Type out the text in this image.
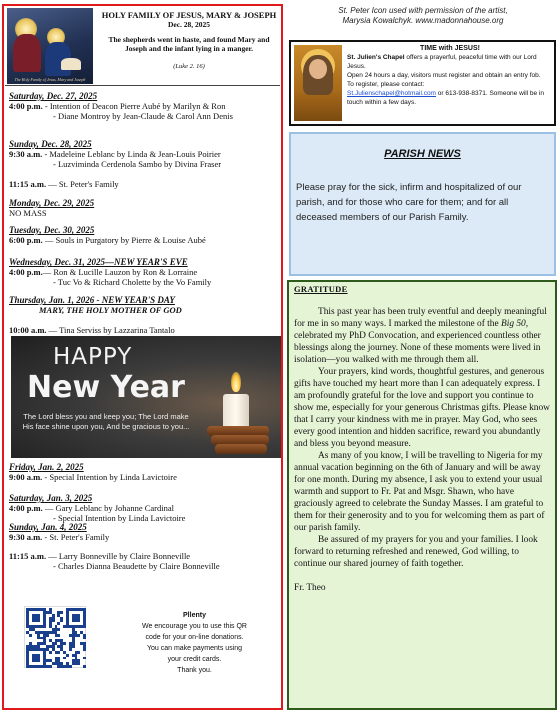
The Holy Family of Jesus, Mary and Joseph
HOLY FAMILY OF JESUS, MARY & JOSEPH
Dec. 28, 2025
The shepherds went in haste, and found Mary and Joseph and the infant lying in a manger.
(Luke 2. 16)
Saturday, Dec. 27, 2025
4:00 p.m. - Intention of Deacon Pierre Aubé by Marilyn & Ron
- Diane Montroy by Jean-Claude & Carol Ann Denis
Sunday, Dec. 28, 2025
9:30 a.m. - Madeleine Leblanc by Linda & Jean-Louis Poirier
- Luzviminda Cerdenola Sambo by Divina Fraser
11:15 a.m. — St. Peter's Family
Monday, Dec. 29, 2025
NO MASS
Tuesday, Dec. 30, 2025
6:00 p.m. — Souls in Purgatory by Pierre & Louise Aubé
Wednesday, Dec. 31, 2025—NEW YEAR'S EVE
4:00 p.m.— Ron & Lucille Lauzon by Ron & Lorraine
- Tuc Vo & Richard Cholette by the Vo Family
Thursday, Jan. 1, 2026 - NEW YEAR'S DAY
MARY, THE HOLY MOTHER OF GOD
10:00 a.m. — Tina Serviss by Lazzarina Tantalo
HAPPY
New Year
The Lord bless you and keep you; The Lord make His face shine upon you, And be gracious to you...
Friday, Jan. 2, 2025
9:00 a.m. - Special Intention by Linda Lavictoire
Saturday, Jan. 3, 2025
4:00 p.m. — Gary Leblanc by Johanne Cardinal
- Special Intention by Linda Lavictoire
Sunday, Jan. 4, 2025
9:30 a.m. - St. Peter's Family
11:15 a.m. — Larry Bonneville by Claire Bonneville
- Charles Dianna Beaudette by Claire Bonneville
Pllenty
We encourage you to use this QR
code for your on-line donations.
You can make payments using
your credit cards.
Thank you.
St. Peter Icon used with permission of the artist,
Marysia Kowalchyk. www.madonnahouse.org
TIME with JESUS!
St. Julien's Chapel offers a prayerful, peaceful time with our Lord Jesus.
Open 24 hours a day, visitors must register and obtain an entry fob.
To register, please contact:
St.Julienschapel@hotmail.com or 613-938-8371. Someone will be in touch within a few days.
PARISH NEWS
Please pray for the sick, infirm and hospitalized of our parish, and for those who care for them; and for all deceased members of our Parish Family.
GRATITUDE

This past year has been truly eventful and deeply meaningful for me in so many ways. I marked the milestone of the Big 50, celebrated my PhD Convocation, and experienced countless other blessings along the journey. None of these moments were lived in isolation—you walked with me through them all.

Your prayers, kind words, thoughtful gestures, and generous gifts have touched my heart more than I can adequately express. I am profoundly grateful for the love and support you continue to show me, especially for your generous Christmas gifts. Please know that I carry your kindness with me in prayer. May God, who sees every good intention and hidden sacrifice, reward you abundantly and bless you beyond measure.

As many of you know, I will be travelling to Nigeria for my annual vacation beginning on the 6th of January and will be away for one month. During my absence, I ask you to extend your usual warmth and support to Fr. Pat and Msgr. Shawn, who have graciously agreed to celebrate the Sunday Masses. I am grateful to them for their generosity and to you for welcoming them as part of our parish family.

Be assured of my prayers for you and your families. I look forward to returning refreshed and renewed, God willing, to continue our shared journey of faith together.

Fr. Theo
